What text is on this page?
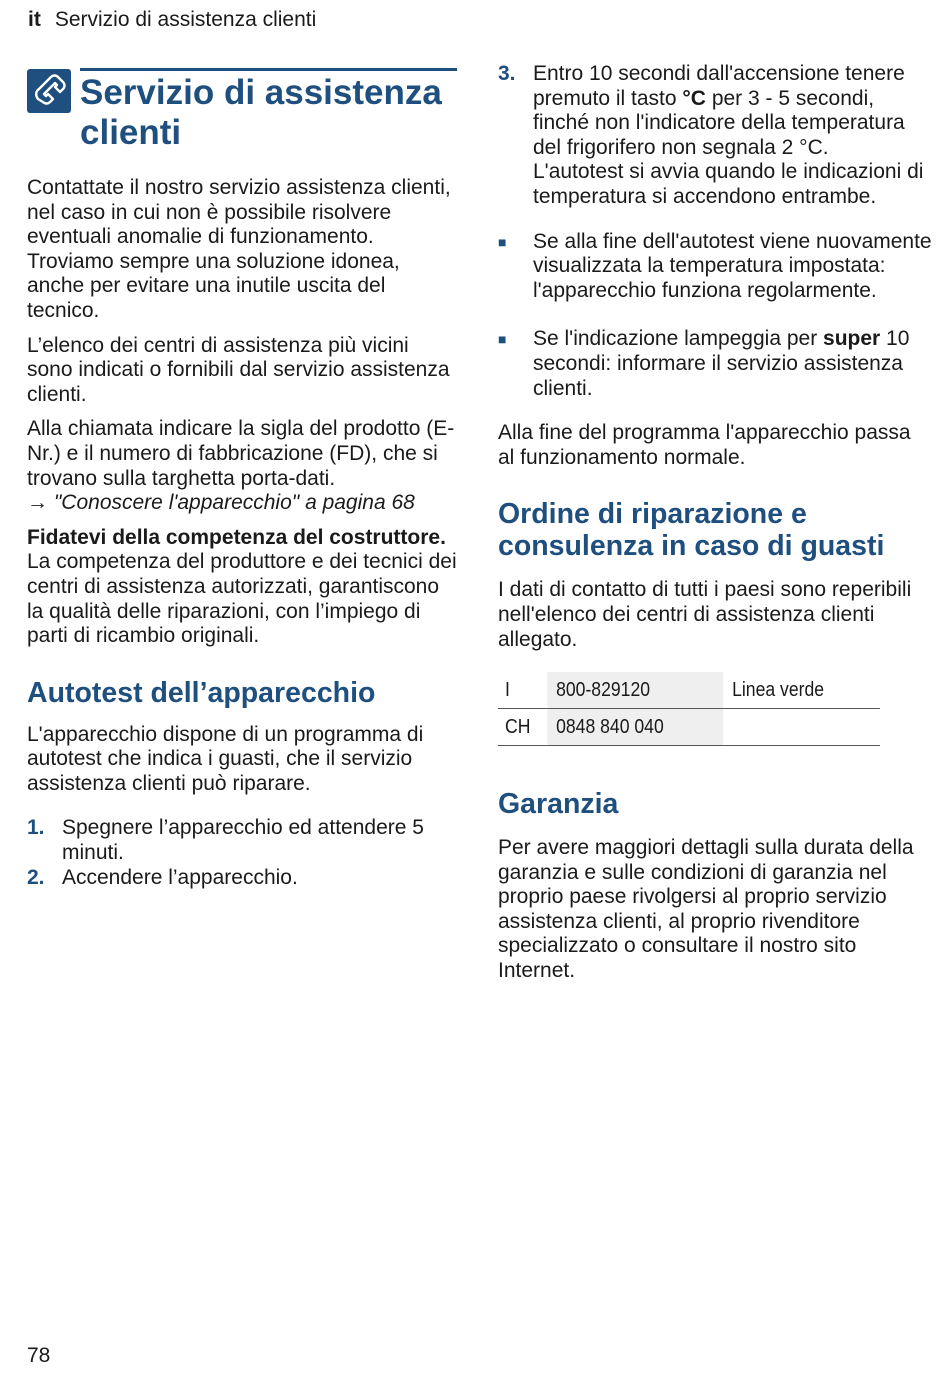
it Servizio di assistenza clienti
Servizio di assistenza
clienti

Contattate il nostro servizio assistenza clienti, nel caso in cui non è possibile risolvere eventuali anomalie di funzionamento. Troviamo sempre una soluzione idonea, anche per evitare una inutile uscita del tecnico.

L’elenco dei centri di assistenza più vicini sono indicati o fornibili dal servizio assistenza clienti.

Alla chiamata indicare la sigla del prodotto (E-Nr.) e il numero di fabbricazione (FD), che si trovano sulla targhetta porta-dati.

→ "Conoscere l'apparecchio" a pagina 68

Fidatevi della competenza del costruttore. La competenza del produttore e dei tecnici dei centri di assistenza autorizzati, garantiscono la qualità delle riparazioni, con l’impiego di parti di ricambio originali.

Autotest dell’apparecchio

L'apparecchio dispone di un programma di autotest che indica i guasti, che il servizio assistenza clienti può riparare.

1. Spegnere l’apparecchio ed attendere 5 minuti.
2. Accendere l’apparecchio.
3. Entro 10 secondi dall'accensione tenere premuto il tasto °C per 3 - 5 secondi, finché non l'indicatore della temperatura del frigorifero non segnala 2 °C.
L'autotest si avvia quando le indicazioni di temperatura si accendono entrambe.
■	Se alla fine dell'autotest viene nuovamente visualizzata la temperatura impostata: l'apparecchio funziona regolarmente.
■	Se l'indicazione lampeggia per super 10 secondi: informare il servizio assistenza clienti.

Alla fine del programma l'apparecchio passa al funzionamento normale.

Ordine di riparazione e consulenza in caso di guasti

I dati di contatto di tutti i paesi sono reperibili nell'elenco dei centri di assistenza clienti allegato.

I	800-829120	Linea verde
CH	0848 840 040	
Garanzia

Per avere maggiori dettagli sulla durata della garanzia e sulle condizioni di garanzia nel proprio paese rivolgersi al proprio servizio assistenza clienti, al proprio rivenditore specializzato o consultare il nostro sito Internet.

78
